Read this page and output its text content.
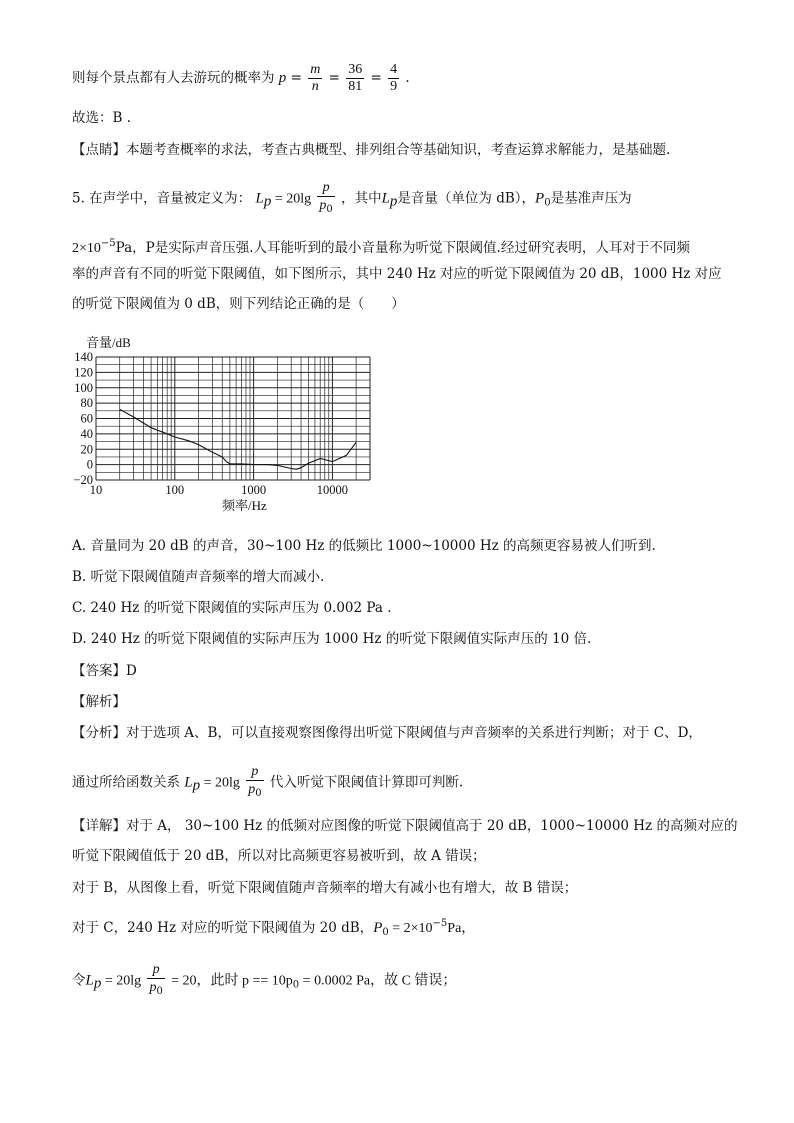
则每个景点都有人去游玩的概率为 $p = \frac{m}{n} = \frac{36}{81} = \frac{4}{9}$ .
故选：B .
【点睛】本题考查概率的求法，考查古典概型、排列组合等基础知识，考查运算求解能力，是基础题.
5. 在声学中，音量被定义为： $L_p = 20\lg \frac{p}{p_0}$ ，其中$L_p$是音量（单位为 dB），$P_0$是基准声压为
$2\times 10^{-5}Pa$，P是实际声音压强.人耳能听到的最小音量称为听觉下限阈值.经过研究表明，人耳对于不同频
率的声音有不同的听觉下限阈值，如下图所示，其中 240 Hz 对应的听觉下限阈值为 20 dB，1000 Hz 对应
的听觉下限阈值为 0 dB，则下列结论正确的是（　　）
140
120
100
80
60
40
20
0
−20
10	100	1000	10000
音量/dB
频率/Hz
A. 音量同为 20 dB 的声音，30~100 Hz 的低频比 1000~10000 Hz 的高频更容易被人们听到.
B. 听觉下限阈值随声音频率的增大而减小.
C. 240 Hz 的听觉下限阈值的实际声压为 0.002 Pa .
D. 240 Hz 的听觉下限阈值的实际声压为 1000 Hz 的听觉下限阈值实际声压的 10 倍.
【答案】D
【解析】
【分析】对于选项 A、B，可以直接观察图像得出听觉下限阈值与声音频率的关系进行判断；对于 C、D，
通过所给函数关系 $L_p = 20\lg \frac{p}{p_0}$ 代入听觉下限阈值计算即可判断.
【详解】对于 A， 30~100 Hz 的低频对应图像的听觉下限阈值高于 20 dB，1000~10000 Hz 的高频对应的
听觉下限阈值低于 20 dB，所以对比高频更容易被听到，故 A 错误；
对于 B，从图像上看，听觉下限阈值随声音频率的增大有减小也有增大，故 B 错误；
对于 C，240 Hz 对应的听觉下限阈值为 20 dB，$P_0 = 2\times 10^{-5}Pa$，
令$L_p = 20\lg \frac{p}{p_0} = 20$，此时 $p == 10p_0 = 0.0002$ Pa，故 C 错误；
